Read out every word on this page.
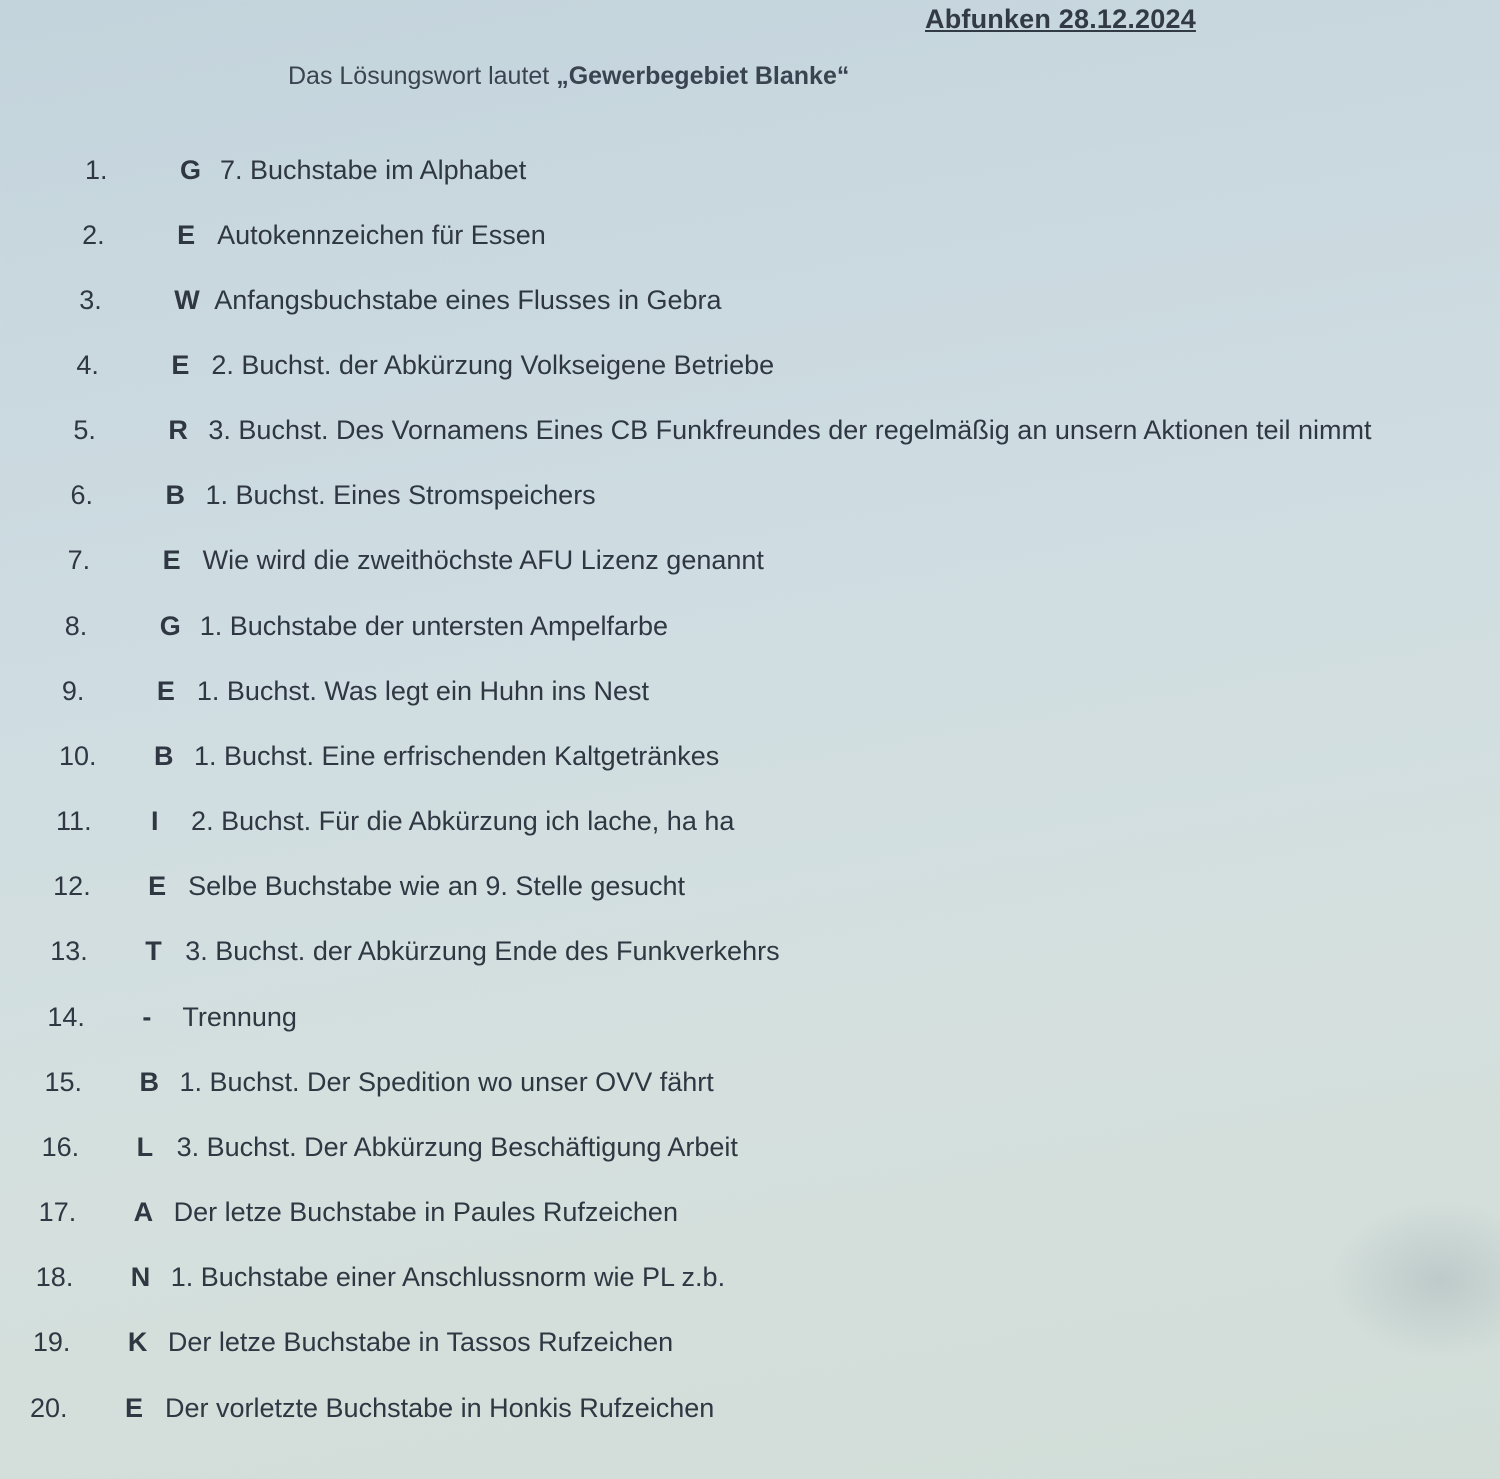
Abfunken 28.12.2024
Das Lösungswort lautet „Gewerbegebiet Blanke“
1.	G 7. Buchstabe im Alphabet
2.	E Autokennzeichen für Essen
3.	W Anfangsbuchstabe eines Flusses in Gebra
4.	E 2. Buchst. der Abkürzung Volkseigene Betriebe
5.	R 3. Buchst. Des Vornamens Eines CB Funkfreundes der regelmäßig an unsern Aktionen teil nimmt
6.	B 1. Buchst. Eines Stromspeichers
7.	E Wie wird die zweithöchste AFU Lizenz genannt
8.	G 1. Buchstabe der untersten Ampelfarbe
9.	E 1. Buchst. Was legt ein Huhn ins Nest
10.	B 1. Buchst. Eine erfrischenden Kaltgetränkes
11.	I	2. Buchst. Für die Abkürzung ich lache, ha ha
12.	E Selbe Buchstabe wie an 9. Stelle gesucht
13.	T 3. Buchst. der Abkürzung Ende des Funkverkehrs
14.	-	Trennung
15.	B 1. Buchst. Der Spedition wo unser OVV fährt
16.	L 3. Buchst. Der Abkürzung Beschäftigung Arbeit
17.	A Der letze Buchstabe in Paules Rufzeichen
18.	N 1. Buchstabe einer Anschlussnorm wie PL z.b.
19.	K Der letze Buchstabe in Tassos Rufzeichen
20.	E Der vorletzte Buchstabe in Honkis Rufzeichen
